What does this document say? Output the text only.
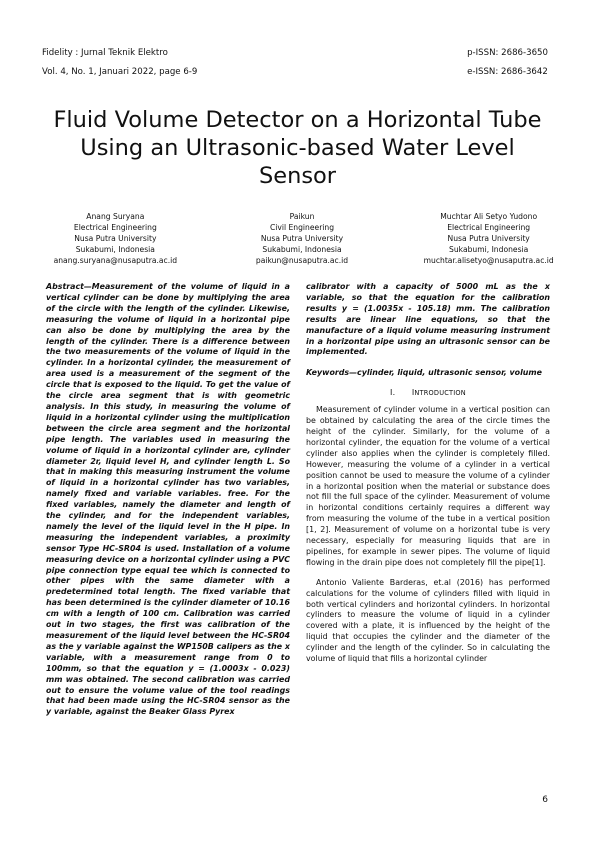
Fidelity : Jurnal Teknik Elektro
Vol. 4, No. 1, Januari 2022, page 6-9
p-ISSN: 2686-3650
e-ISSN: 2686-3642
Fluid Volume Detector on a Horizontal Tube Using an Ultrasonic-based Water Level Sensor
Anang Suryana
Electrical Engineering
Nusa Putra University
Sukabumi, Indonesia
anang.suryana@nusaputra.ac.id
Paikun
Civil Engineering
Nusa Putra University
Sukabumi, Indonesia
paikun@nusaputra.ac.id
Muchtar Ali Setyo Yudono
Electrical Engineering
Nusa Putra University
Sukabumi, Indonesia
muchtar.alisetyo@nusaputra.ac.id

Abstract—Measurement of the volume of liquid in a vertical cylinder can be done by multiplying the area of the circle with the length of the cylinder. Likewise, measuring the volume of liquid in a horizontal pipe can also be done by multiplying the area by the length of the cylinder. There is a difference between the two measurements of the volume of liquid in the cylinder. In a horizontal cylinder, the measurement of area used is a measurement of the segment of the circle that is exposed to the liquid. To get the value of the circle area segment that is with geometric analysis. In this study, in measuring the volume of liquid in a horizontal cylinder using the multiplication between the circle area segment and the horizontal pipe length. The variables used in measuring the volume of liquid in a horizontal cylinder are, cylinder diameter 2r, liquid level H, and cylinder length L. So that in making this measuring instrument the volume of liquid in a horizontal cylinder has two variables, namely fixed and variable variables. free. For the fixed variables, namely the diameter and length of the cylinder, and for the independent variables, namely the level of the liquid level in the H pipe. In measuring the independent variables, a proximity sensor Type HC-SR04 is used. Installation of a volume measuring device on a horizontal cylinder using a PVC pipe connection type equal tee which is connected to other pipes with the same diameter with a predetermined total length. The fixed variable that has been determined is the cylinder diameter of 10.16 cm with a length of 100 cm. Calibration was carried out in two stages, the first was calibration of the measurement of the liquid level between the HC-SR04 as the y variable against the WP150B calipers as the x variable, with a measurement range from 0 to 100mm, so that the equation y = (1.0003x - 0.023) mm was obtained. The second calibration was carried out to ensure the volume value of the tool readings that had been made using the HC-SR04 sensor as the y variable, against the Beaker Glass Pyrex

calibrator with a capacity of 5000 mL as the x variable, so that the equation for the calibration results y = (1.0035x - 105.18) mm. The calibration results are linear line equations, so that the manufacture of a liquid volume measuring instrument in a horizontal pipe using an ultrasonic sensor can be implemented.

Keywords—cylinder, liquid, ultrasonic sensor, volume

I. INTRODUCTION

Measurement of cylinder volume in a vertical position can be obtained by calculating the area of the circle times the height of the cylinder. Similarly, for the volume of a horizontal cylinder, the equation for the volume of a vertical cylinder also applies when the cylinder is completely filled. However, measuring the volume of a cylinder in a vertical position cannot be used to measure the volume of a cylinder in a horizontal position when the material or substance does not fill the full space of the cylinder. Measurement of volume in horizontal conditions certainly requires a different way from measuring the volume of the tube in a vertical position [1, 2]. Measurement of volume on a horizontal tube is very necessary, especially for measuring liquids that are in pipelines, for example in sewer pipes. The volume of liquid flowing in the drain pipe does not completely fill the pipe[1].

Antonio Valiente Barderas, et.al (2016) has performed calculations for the volume of cylinders filled with liquid in both vertical cylinders and horizontal cylinders. In horizontal cylinders to measure the volume of liquid in a cylinder covered with a plate, it is influenced by the height of the liquid that occupies the cylinder and the diameter of the cylinder and the length of the cylinder. So in calculating the volume of liquid that fills a horizontal cylinder

6
